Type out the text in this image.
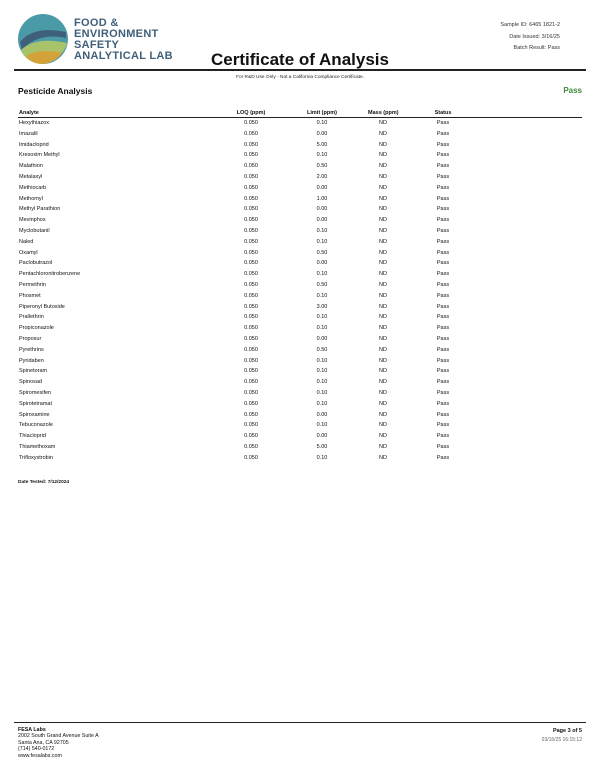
FOOD &
ENVIRONMENT
SAFETY
ANALYTICAL LAB
Sample ID: 6465 1821-2
Date Issued: 3/16/25
Batch Result: Pass
Certificate of Analysis
For R&D Use Only - Not a California Compliance Certificate.
Pesticide Analysis	Pass
Analyte	LOQ (ppm)	Limit (ppm)	Mass (ppm)	Status
Hexythiazox	0.050	0.10	ND	Pass
Imazalil	0.050	0.00	ND	Pass
Imidacloprid	0.050	5.00	ND	Pass
Kresoxim Methyl	0.050	0.10	ND	Pass
Malathion	0.050	0.50	ND	Pass
Metalaxyl	0.050	2.00	ND	Pass
Methiocarb	0.050	0.00	ND	Pass
Methomyl	0.050	1.00	ND	Pass
Methyl Parathion	0.050	0.00	ND	Pass
Mevinphos	0.050	0.00	ND	Pass
Myclobutanil	0.050	0.10	ND	Pass
Naled	0.050	0.10	ND	Pass
Oxamyl	0.050	0.50	ND	Pass
Paclobutrazol	0.050	0.00	ND	Pass
Pentachloronitrobenzene	0.050	0.10	ND	Pass
Permethrin	0.050	0.50	ND	Pass
Phosmet	0.050	0.10	ND	Pass
Piperonyl Butoxide	0.050	3.00	ND	Pass
Prallethrin	0.050	0.10	ND	Pass
Propiconazole	0.050	0.10	ND	Pass
Propoxur	0.050	0.00	ND	Pass
Pyrethrins	0.050	0.50	ND	Pass
Pyridaben	0.050	0.10	ND	Pass
Spinetoram	0.050	0.10	ND	Pass
Spinosad	0.050	0.10	ND	Pass
Spiromesifen	0.050	0.10	ND	Pass
Spirotetramat	0.050	0.10	ND	Pass
Spiroxamine	0.050	0.00	ND	Pass
Tebuconazole	0.050	0.10	ND	Pass
Thiacloprid	0.050	0.00	ND	Pass
Thiamethoxam	0.050	5.00	ND	Pass
Trifloxystrobin	0.050	0.10	ND	Pass
Date Tested: 7/12/2024
FESA Labs
2002 South Grand Avenue Suite A
Santa Ana, CA 92705
(714) 540-0172
www.fesalabs.com
Page 3 of 5
03/16/25 16:15:12
